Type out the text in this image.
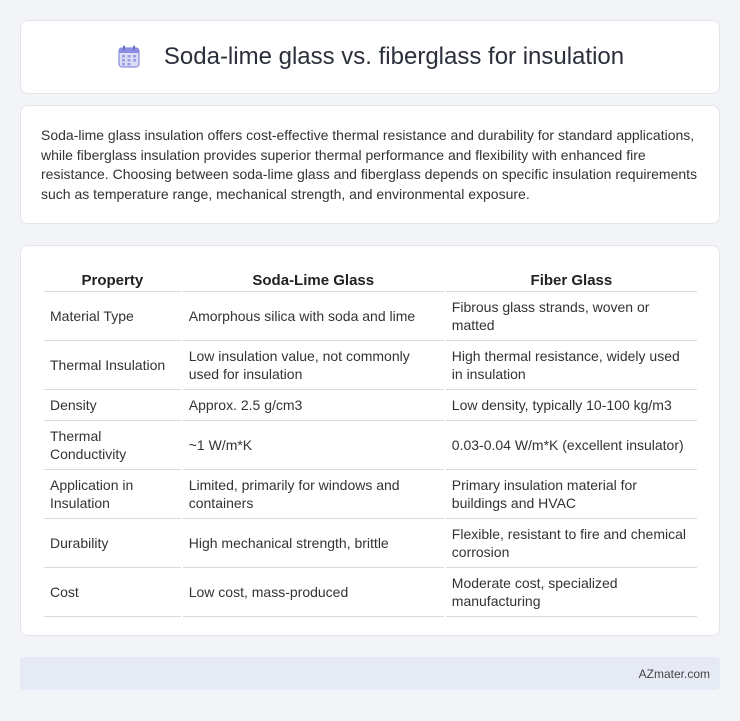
Soda-lime glass vs. fiberglass for insulation

Soda-lime glass insulation offers cost-effective thermal resistance and durability for standard applications, while fiberglass insulation provides superior thermal performance and flexibility with enhanced fire resistance. Choosing between soda-lime glass and fiberglass depends on specific insulation requirements such as temperature range, mechanical strength, and environmental exposure.

Property	Soda-Lime Glass	Fiber Glass
Material Type	Amorphous silica with soda and lime	Fibrous glass strands, woven or matted
Thermal Insulation	Low insulation value, not commonly used for insulation	High thermal resistance, widely used in insulation
Density	Approx. 2.5 g/cm3	Low density, typically 10-100 kg/m3
Thermal Conductivity	~1 W/m*K	0.03-0.04 W/m*K (excellent insulator)
Application in Insulation	Limited, primarily for windows and containers	Primary insulation material for buildings and HVAC
Durability	High mechanical strength, brittle	Flexible, resistant to fire and chemical corrosion
Cost	Low cost, mass-produced	Moderate cost, specialized manufacturing
AZmater.com
